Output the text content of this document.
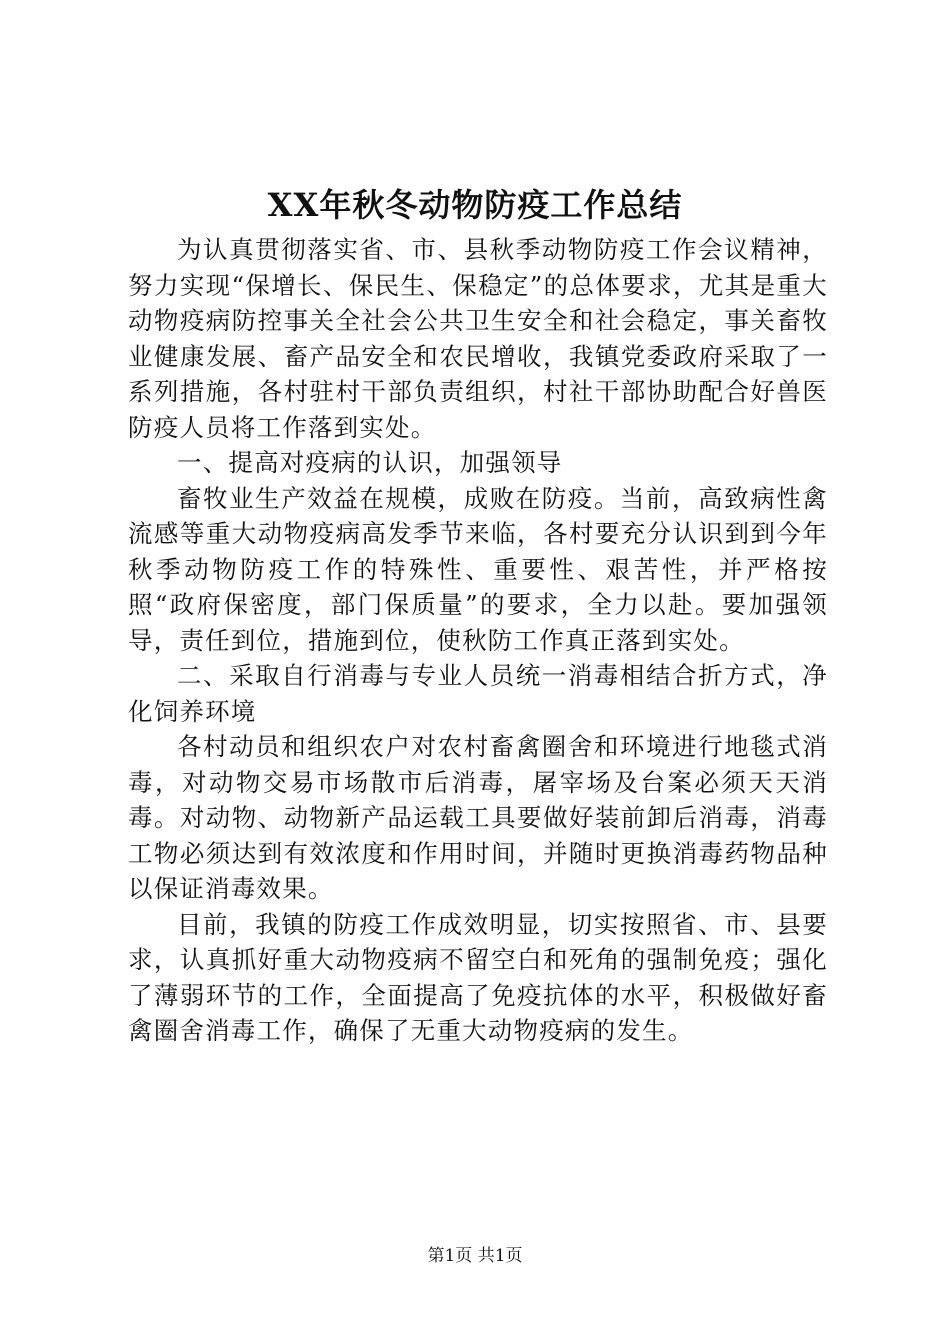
XX年秋冬动物防疫工作总结

为认真贯彻落实省、市、县秋季动物防疫工作会议精神，努力实现“保增长、保民生、保稳定”的总体要求，尤其是重大动物疫病防控事关全社会公共卫生安全和社会稳定，事关畜牧业健康发展、畜产品安全和农民增收，我镇党委政府采取了一系列措施，各村驻村干部负责组织，村社干部协助配合好兽医防疫人员将工作落到实处。

一、提高对疫病的认识，加强领导

畜牧业生产效益在规模，成败在防疫。当前，高致病性禽流感等重大动物疫病高发季节来临，各村要充分认识到到今年秋季动物防疫工作的特殊性、重要性、艰苦性，并严格按照“政府保密度，部门保质量”的要求，全力以赴。要加强领导，责任到位，措施到位，使秋防工作真正落到实处。

二、采取自行消毒与专业人员统一消毒相结合折方式，净化饲养环境

各村动员和组织农户对农村畜禽圈舍和环境进行地毯式消毒，对动物交易市场散市后消毒，屠宰场及台案必须天天消毒。对动物、动物新产品运载工具要做好装前卸后消毒，消毒工物必须达到有效浓度和作用时间，并随时更换消毒药物品种以保证消毒效果。

目前，我镇的防疫工作成效明显，切实按照省、市、县要求，认真抓好重大动物疫病不留空白和死角的强制免疫；强化了薄弱环节的工作，全面提高了免疫抗体的水平，积极做好畜禽圈舍消毒工作，确保了无重大动物疫病的发生。

第1页 共1页
